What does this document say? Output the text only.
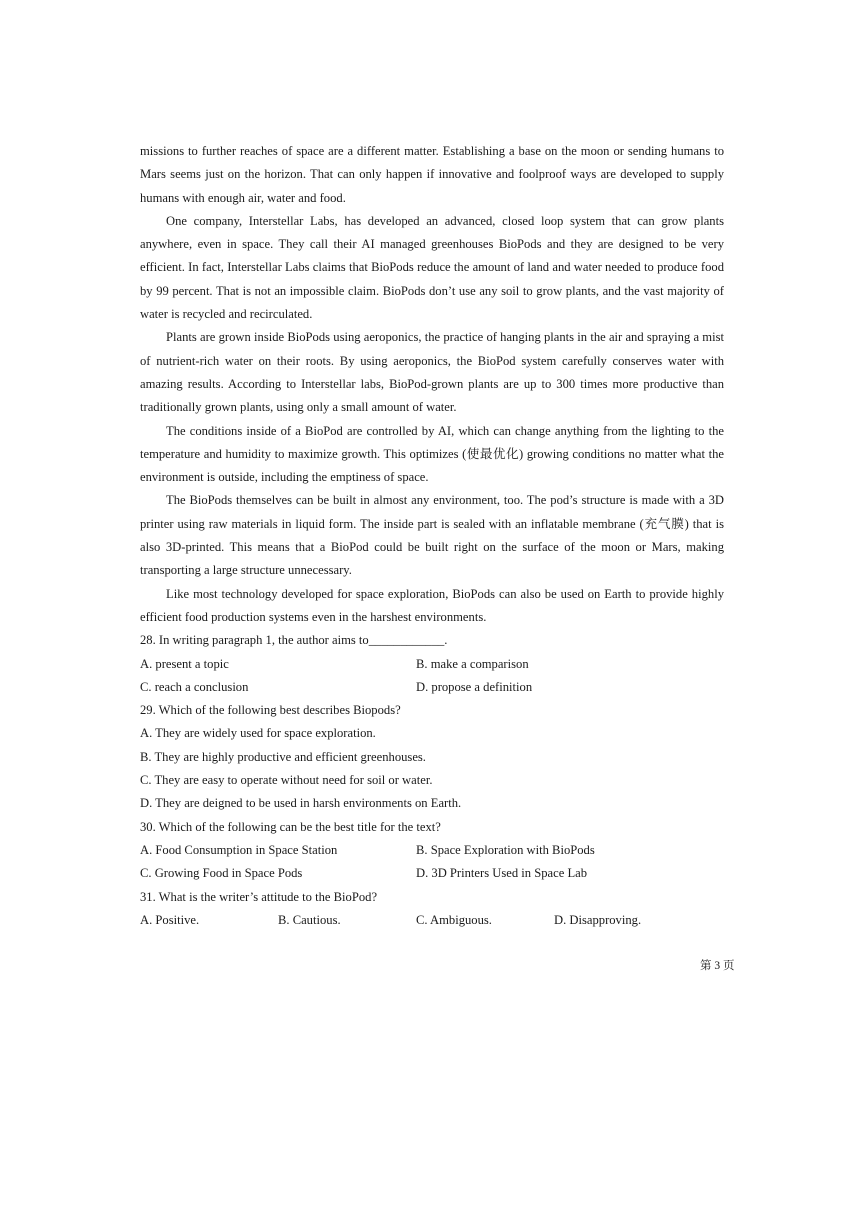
missions to further reaches of space are a different matter. Establishing a base on the moon or sending humans to Mars seems just on the horizon. That can only happen if innovative and foolproof ways are developed to supply humans with enough air, water and food.

One company, Interstellar Labs, has developed an advanced, closed loop system that can grow plants anywhere, even in space. They call their AI managed greenhouses BioPods and they are designed to be very efficient. In fact, Interstellar Labs claims that BioPods reduce the amount of land and water needed to produce food by 99 percent. That is not an impossible claim. BioPods don’t use any soil to grow plants, and the vast majority of water is recycled and recirculated.

Plants are grown inside BioPods using aeroponics, the practice of hanging plants in the air and spraying a mist of nutrient-rich water on their roots. By using aeroponics, the BioPod system carefully conserves water with amazing results. According to Interstellar labs, BioPod-grown plants are up to 300 times more productive than traditionally grown plants, using only a small amount of water.

The conditions inside of a BioPod are controlled by AI, which can change anything from the lighting to the temperature and humidity to maximize growth. This optimizes (使最优化) growing conditions no matter what the environment is outside, including the emptiness of space.

The BioPods themselves can be built in almost any environment, too. The pod’s structure is made with a 3D printer using raw materials in liquid form. The inside part is sealed with an inflatable membrane (充气膜) that is also 3D-printed. This means that a BioPod could be built right on the surface of the moon or Mars, making transporting a large structure unnecessary.

Like most technology developed for space exploration, BioPods can also be used on Earth to provide highly efficient food production systems even in the harshest environments.

28. In writing paragraph 1, the author aims to____________.

A. present a topic	B. make a comparison
C. reach a conclusion	D. propose a definition

29. Which of the following best describes Biopods?

A. They are widely used for space exploration.
B. They are highly productive and efficient greenhouses.
C. They are easy to operate without need for soil or water.
D. They are deigned to be used in harsh environments on Earth.

30. Which of the following can be the best title for the text?

A. Food Consumption in Space Station	B. Space Exploration with BioPods
C. Growing Food in Space Pods	D. 3D Printers Used in Space Lab

31. What is the writer’s attitude to the BioPod?

A. Positive.	B. Cautious.	C. Ambiguous.	D. Disapproving.
第 3 页
